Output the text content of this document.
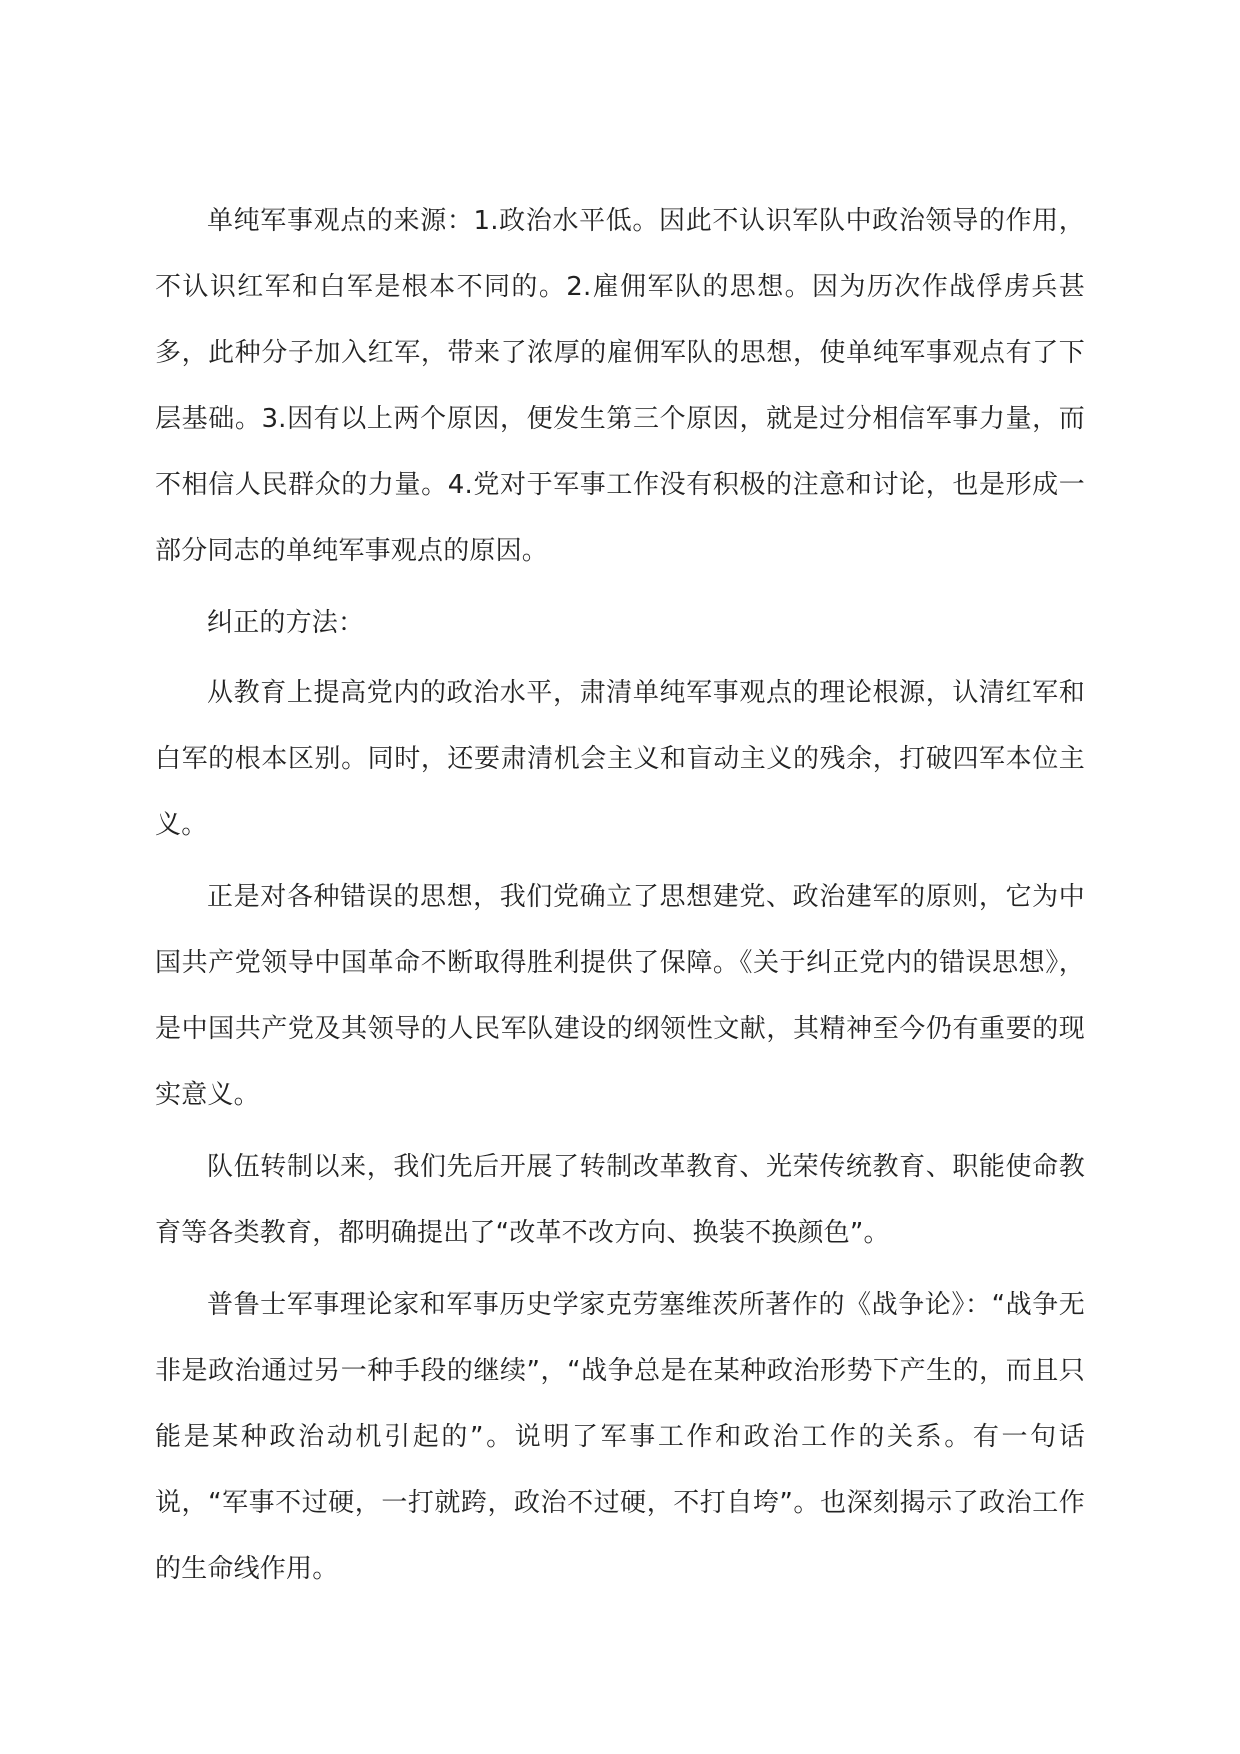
单纯军事观点的来源：1.政治水平低。因此不认识军队中政治领导的作用，不认识红军和白军是根本不同的。2.雇佣军队的思想。因为历次作战俘虏兵甚多，此种分子加入红军，带来了浓厚的雇佣军队的思想，使单纯军事观点有了下层基础。3.因有以上两个原因，便发生第三个原因，就是过分相信军事力量，而不相信人民群众的力量。4.党对于军事工作没有积极的注意和讨论，也是形成一部分同志的单纯军事观点的原因。

纠正的方法：

从教育上提高党内的政治水平，肃清单纯军事观点的理论根源，认清红军和白军的根本区别。同时，还要肃清机会主义和盲动主义的残余，打破四军本位主义。

正是对各种错误的思想，我们党确立了思想建党、政治建军的原则，它为中国共产党领导中国革命不断取得胜利提供了保障。《关于纠正党内的错误思想》，是中国共产党及其领导的人民军队建设的纲领性文献，其精神至今仍有重要的现实意义。

队伍转制以来，我们先后开展了转制改革教育、光荣传统教育、职能使命教育等各类教育，都明确提出了“改革不改方向、换装不换颜色”。

普鲁士军事理论家和军事历史学家克劳塞维茨所著作的《战争论》：“战争无非是政治通过另一种手段的继续”，“战争总是在某种政治形势下产生的，而且只能是某种政治动机引起的”。说明了军事工作和政治工作的关系。有一句话说，“军事不过硬，一打就跨，政治不过硬，不打自垮”。也深刻揭示了政治工作的生命线作用。
